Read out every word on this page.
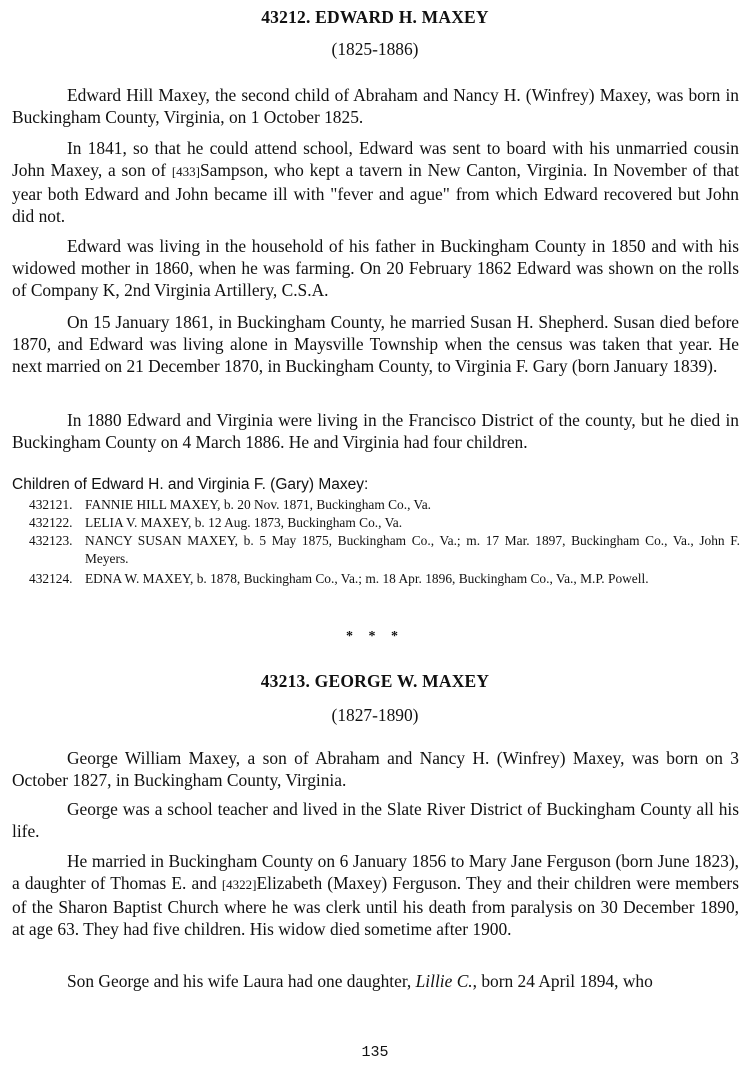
43212. EDWARD H. MAXEY
(1825-1886)

Edward Hill Maxey, the second child of Abraham and Nancy H. (Winfrey) Maxey, was born in Buckingham County, Virginia, on 1 October 1825.

In 1841, so that he could attend school, Edward was sent to board with his unmarried cousin John Maxey, a son of [433]Sampson, who kept a tavern in New Canton, Virginia. In November of that year both Edward and John became ill with "fever and ague" from which Edward recovered but John did not.

Edward was living in the household of his father in Buckingham County in 1850 and with his widowed mother in 1860, when he was farming. On 20 February 1862 Edward was shown on the rolls of Company K, 2nd Virginia Artillery, C.S.A.

On 15 January 1861, in Buckingham County, he married Susan H. Shepherd. Susan died before 1870, and Edward was living alone in Maysville Township when the census was taken that year. He next married on 21 December 1870, in Buckingham County, to Virginia F. Gary (born January 1839).

In 1880 Edward and Virginia were living in the Francisco District of the county, but he died in Buckingham County on 4 March 1886. He and Virginia had four children.

Children of Edward H. and Virginia F. (Gary) Maxey:

432121. FANNIE HILL MAXEY, b. 20 Nov. 1871, Buckingham Co., Va.
432122. LELIA V. MAXEY, b. 12 Aug. 1873, Buckingham Co., Va.
432123. NANCY SUSAN MAXEY, b. 5 May 1875, Buckingham Co., Va.; m. 17 Mar. 1897, Buckingham Co., Va., John F. Meyers.
432124. EDNA W. MAXEY, b. 1878, Buckingham Co., Va.; m. 18 Apr. 1896, Buckingham Co., Va., M.P. Powell.
* * *
43213. GEORGE W. MAXEY
(1827-1890)

George William Maxey, a son of Abraham and Nancy H. (Winfrey) Maxey, was born on 3 October 1827, in Buckingham County, Virginia.

George was a school teacher and lived in the Slate River District of Buckingham County all his life.

He married in Buckingham County on 6 January 1856 to Mary Jane Ferguson (born June 1823), a daughter of Thomas E. and [4322]Elizabeth (Maxey) Ferguson. They and their children were members of the Sharon Baptist Church where he was clerk until his death from paralysis on 30 December 1890, at age 63. They had five children. His widow died sometime after 1900.

Son George and his wife Laura had one daughter, Lillie C., born 24 April 1894, who

135
